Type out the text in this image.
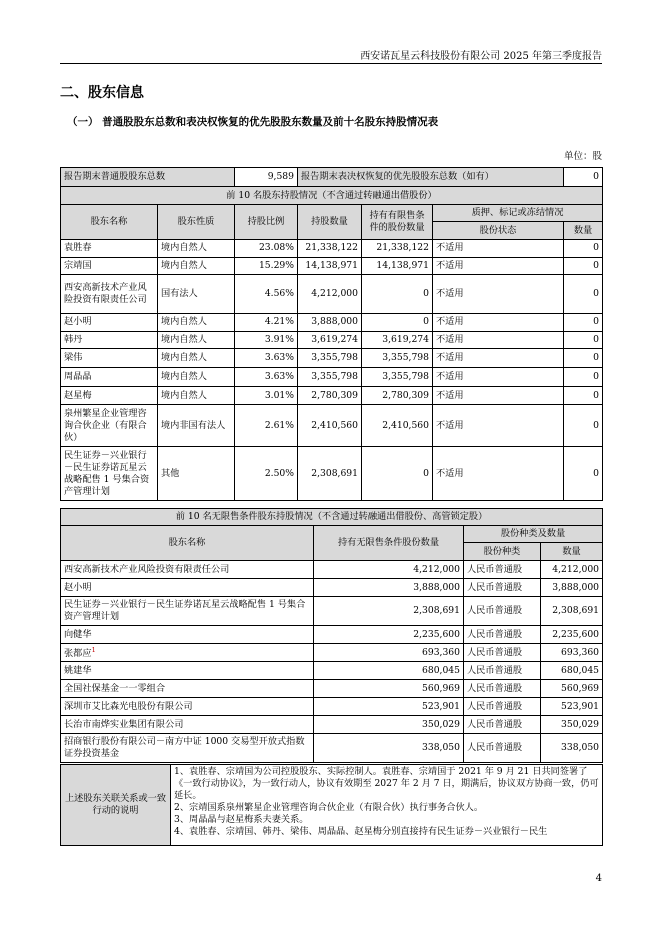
西安诺瓦星云科技股份有限公司 2025 年第三季度报告
二、股东信息
（一） 普通股股东总数和表决权恢复的优先股股东数量及前十名股东持股情况表
单位：股
报告期末普通股股东总数		9,589	报告期末表决权恢复的优先股股东总数（如有）			0
前 10 名股东持股情况（不含通过转融通出借股份）						
股东名称	股东性质	持股比例	持股数量	持有有限售条件的股份数量	质押、标记或冻结情况	
					股份状态	数量
袁胜春	境内自然人	23.08%	21,338,122	21,338,122	不适用	0
宗靖国	境内自然人	15.29%	14,138,971	14,138,971	不适用	0
西安高新技术产业风险投资有限责任公司	国有法人	4.56%	4,212,000	0	不适用	0
赵小明	境内自然人	4.21%	3,888,000	0	不适用	0
韩丹	境内自然人	3.91%	3,619,274	3,619,274	不适用	0
梁伟	境内自然人	3.63%	3,355,798	3,355,798	不适用	0
周晶晶	境内自然人	3.63%	3,355,798	3,355,798	不适用	0
赵星梅	境内自然人	3.01%	2,780,309	2,780,309	不适用	0
泉州繁星企业管理咨询合伙企业（有限合伙）	境内非国有法人	2.61%	2,410,560	2,410,560	不适用	0
民生证券－兴业银行－民生证券诺瓦星云战略配售 1 号集合资产管理计划	其他	2.50%	2,308,691	0	不适用	0
前 10 名无限售条件股东持股情况（不含通过转融通出借股份、高管锁定股）			
股东名称	持有无限售条件股份数量	股份种类及数量	
		股份种类	数量
西安高新技术产业风险投资有限责任公司	4,212,000	人民币普通股	4,212,000
赵小明	3,888,000	人民币普通股	3,888,000
民生证券－兴业银行－民生证券诺瓦星云战略配售 1 号集合资产管理计划	2,308,691	人民币普通股	2,308,691
向健华	2,235,600	人民币普通股	2,235,600
张都应$^1$	693,360	人民币普通股	693,360
姚建华	680,045	人民币普通股	680,045
全国社保基金一一零组合	560,969	人民币普通股	560,969
深圳市艾比森光电股份有限公司	523,901	人民币普通股	523,901
长治市南烨实业集团有限公司	350,029	人民币普通股	350,029
招商银行股份有限公司－南方中证 1000 交易型开放式指数证券投资基金	338,050	人民币普通股	338,050
上述股东关联关系或一致行动的说明	
1、袁胜春、宗靖国为公司控股股东、实际控制人。袁胜春、宗靖国于 2021 年 9 月 21 日共同签署了《一致行动协议》，为一致行动人，协议有效期至 2027 年 2 月 7 日，期满后，协议双方协商一致，仍可延长。
2、宗靖国系泉州繁星企业管理咨询合伙企业（有限合伙）执行事务合伙人。
3、周晶晶与赵星梅系夫妻关系。
4、袁胜春、宗靖国、韩丹、梁伟、周晶晶、赵星梅分别直接持有民生证券－兴业银行－民生
4
